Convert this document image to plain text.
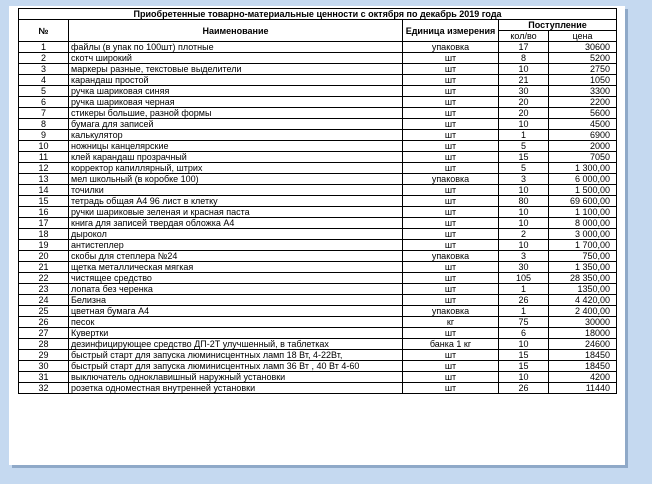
Приобретенные товарно-материальные ценности с октября по декабрь 2019 года				
№	Наименование	Единица измерения	Поступление	
			кол/во	цена
1	файлы (в упак по 100шт) плотные	упаковка	17	30600
2	скотч широкий	шт	8	5200
3	маркеры разные, текстовые выделители	шт	10	2750
4	карандаш простой	шт	21	1050
5	ручка шариковая синяя	шт	30	3300
6	ручка шариковая черная	шт	20	2200
7	стикеры большие, разной формы	шт	20	5600
8	бумага для записей	шт	10	4500
9	калькулятор	шт	1	6900
10	ножницы канцелярские	шт	5	2000
11	клей карандаш прозрачный	шт	15	7050
12	корректор капиллярный, штрих	шт	5	1 300,00
13	мел школьный (в коробке 100)	упаковка	3	6 000,00
14	точилки	шт	10	1 500,00
15	тетрадь общая А4 96 лист в клетку	шт	80	69 600,00
16	ручки шариковые зеленая и красная паста	шт	10	1 100,00
17	книга для записей твердая обложка А4	шт	10	8 000,00
18	дырокол	шт	2	3 000,00
19	антистеплер	шт	10	1 700,00
20	скобы для степлера №24	упаковка	3	750,00
21	щетка металлическая мягкая	шт	30	1 350,00
22	чистящее средство	шт	105	28 350,00
23	лопата без черенка	шт	1	1350,00
24	Белизна	шт	26	4 420,00
25	цветная бумага А4	упаковка	1	2 400,00
26	песок	кг	75	30000
27	Кувертки	шт	6	18000
28	дезинфицирующее средство ДП-2Т улучшенный, в таблетках	банка 1 кг	10	24600
29	быстрый старт для запуска люминисцентных ламп 18 Вт, 4-22Вт,	шт	15	18450
30	быстрый старт для запуска люминисцентных ламп 36 Вт , 40 Вт 4-60	шт	15	18450
31	выключатель одноклавишный наружный установки	шт	10	4200
32	розетка одноместная внутренней установки	шт	26	11440
